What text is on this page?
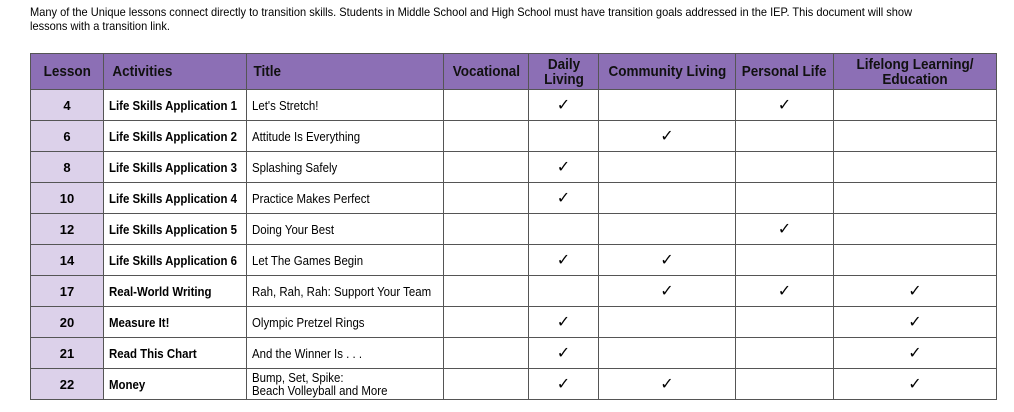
Many of the Unique lessons connect directly to transition skills. Students in Middle School and High School must have transition goals addressed in the IEP. This document will show lessons with a transition link.

Lesson	Activities	Title	Vocational	Daily Living	Community Living	Personal Life	Lifelong Learning/ Education
4	Life Skills Application 1	Let's Stretch!		✓		✓	
6	Life Skills Application 2	Attitude Is Everything			✓		
8	Life Skills Application 3	Splashing Safely		✓			
10	Life Skills Application 4	Practice Makes Perfect		✓			
12	Life Skills Application 5	Doing Your Best				✓	
14	Life Skills Application 6	Let The Games Begin		✓	✓		
17	Real-World Writing	Rah, Rah, Rah: Support Your Team			✓	✓	✓
20	Measure It!	Olympic Pretzel Rings		✓			✓
21	Read This Chart	And the Winner Is . . .		✓			✓
22	Money	Bump, Set, Spike:
Beach Volleyball and More		✓	✓		✓
